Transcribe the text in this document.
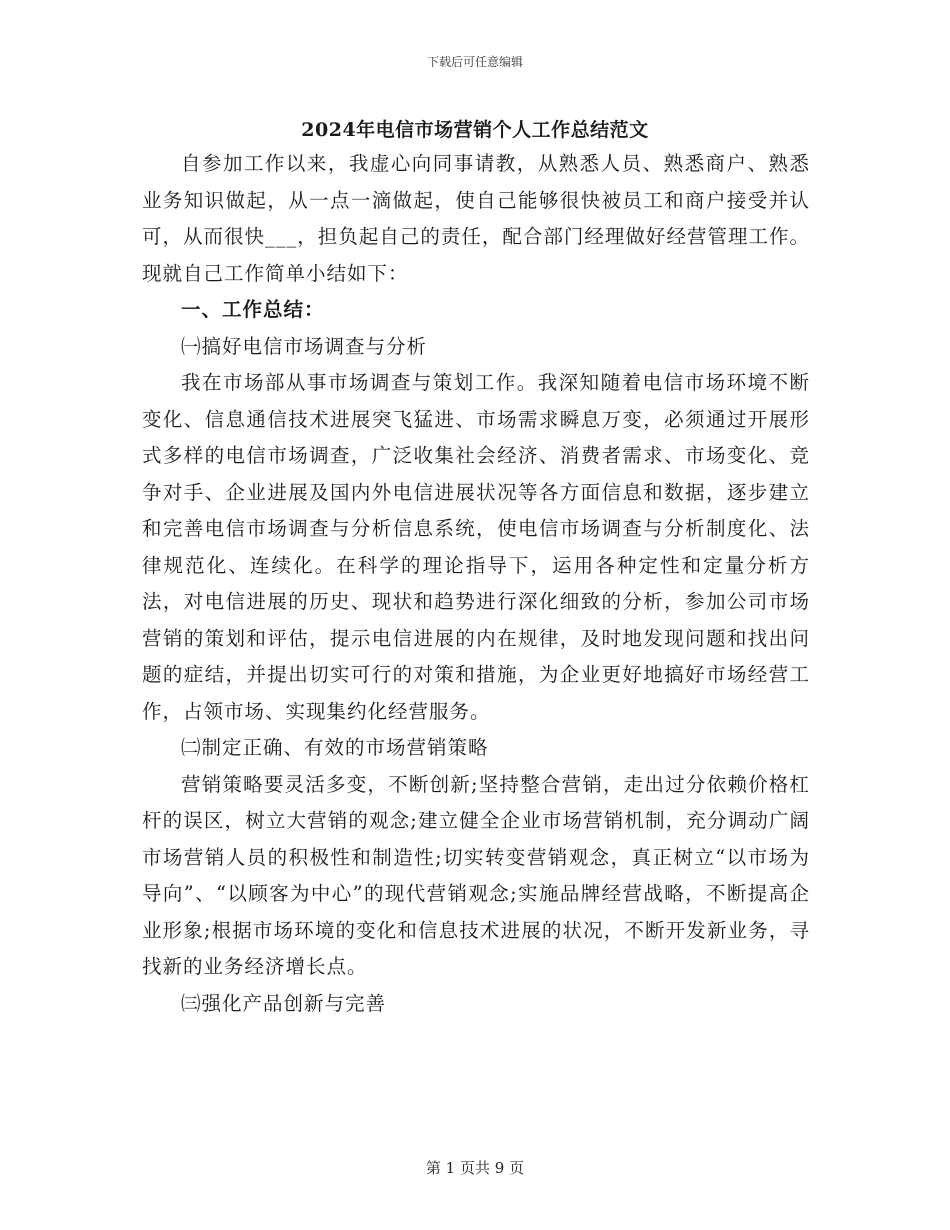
下载后可任意编辑
2024年电信市场营销个人工作总结范文

自参加工作以来，我虚心向同事请教，从熟悉人员、熟悉商户、熟悉业务知识做起，从一点一滴做起，使自己能够很快被员工和商户接受并认可，从而很快___，担负起自己的责任，配合部门经理做好经营管理工作。现就自己工作简单小结如下：

一、工作总结：

㈠搞好电信市场调查与分析

我在市场部从事市场调查与策划工作。我深知随着电信市场环境不断变化、信息通信技术进展突飞猛进、市场需求瞬息万变，必须通过开展形式多样的电信市场调查，广泛收集社会经济、消费者需求、市场变化、竞争对手、企业进展及国内外电信进展状况等各方面信息和数据，逐步建立和完善电信市场调查与分析信息系统，使电信市场调查与分析制度化、法律规范化、连续化。在科学的理论指导下，运用各种定性和定量分析方法，对电信进展的历史、现状和趋势进行深化细致的分析，参加公司市场营销的策划和评估，提示电信进展的内在规律，及时地发现问题和找出问题的症结，并提出切实可行的对策和措施，为企业更好地搞好市场经营工作，占领市场、实现集约化经营服务。

㈡制定正确、有效的市场营销策略

营销策略要灵活多变，不断创新;坚持整合营销，走出过分依赖价格杠杆的误区，树立大营销的观念;建立健全企业市场营销机制，充分调动广阔市场营销人员的积极性和制造性;切实转变营销观念，真正树立“以市场为导向”、“以顾客为中心”的现代营销观念;实施品牌经营战略，不断提高企业形象;根据市场环境的变化和信息技术进展的状况，不断开发新业务，寻找新的业务经济增长点。

㈢强化产品创新与完善

第 1 页共 9 页
